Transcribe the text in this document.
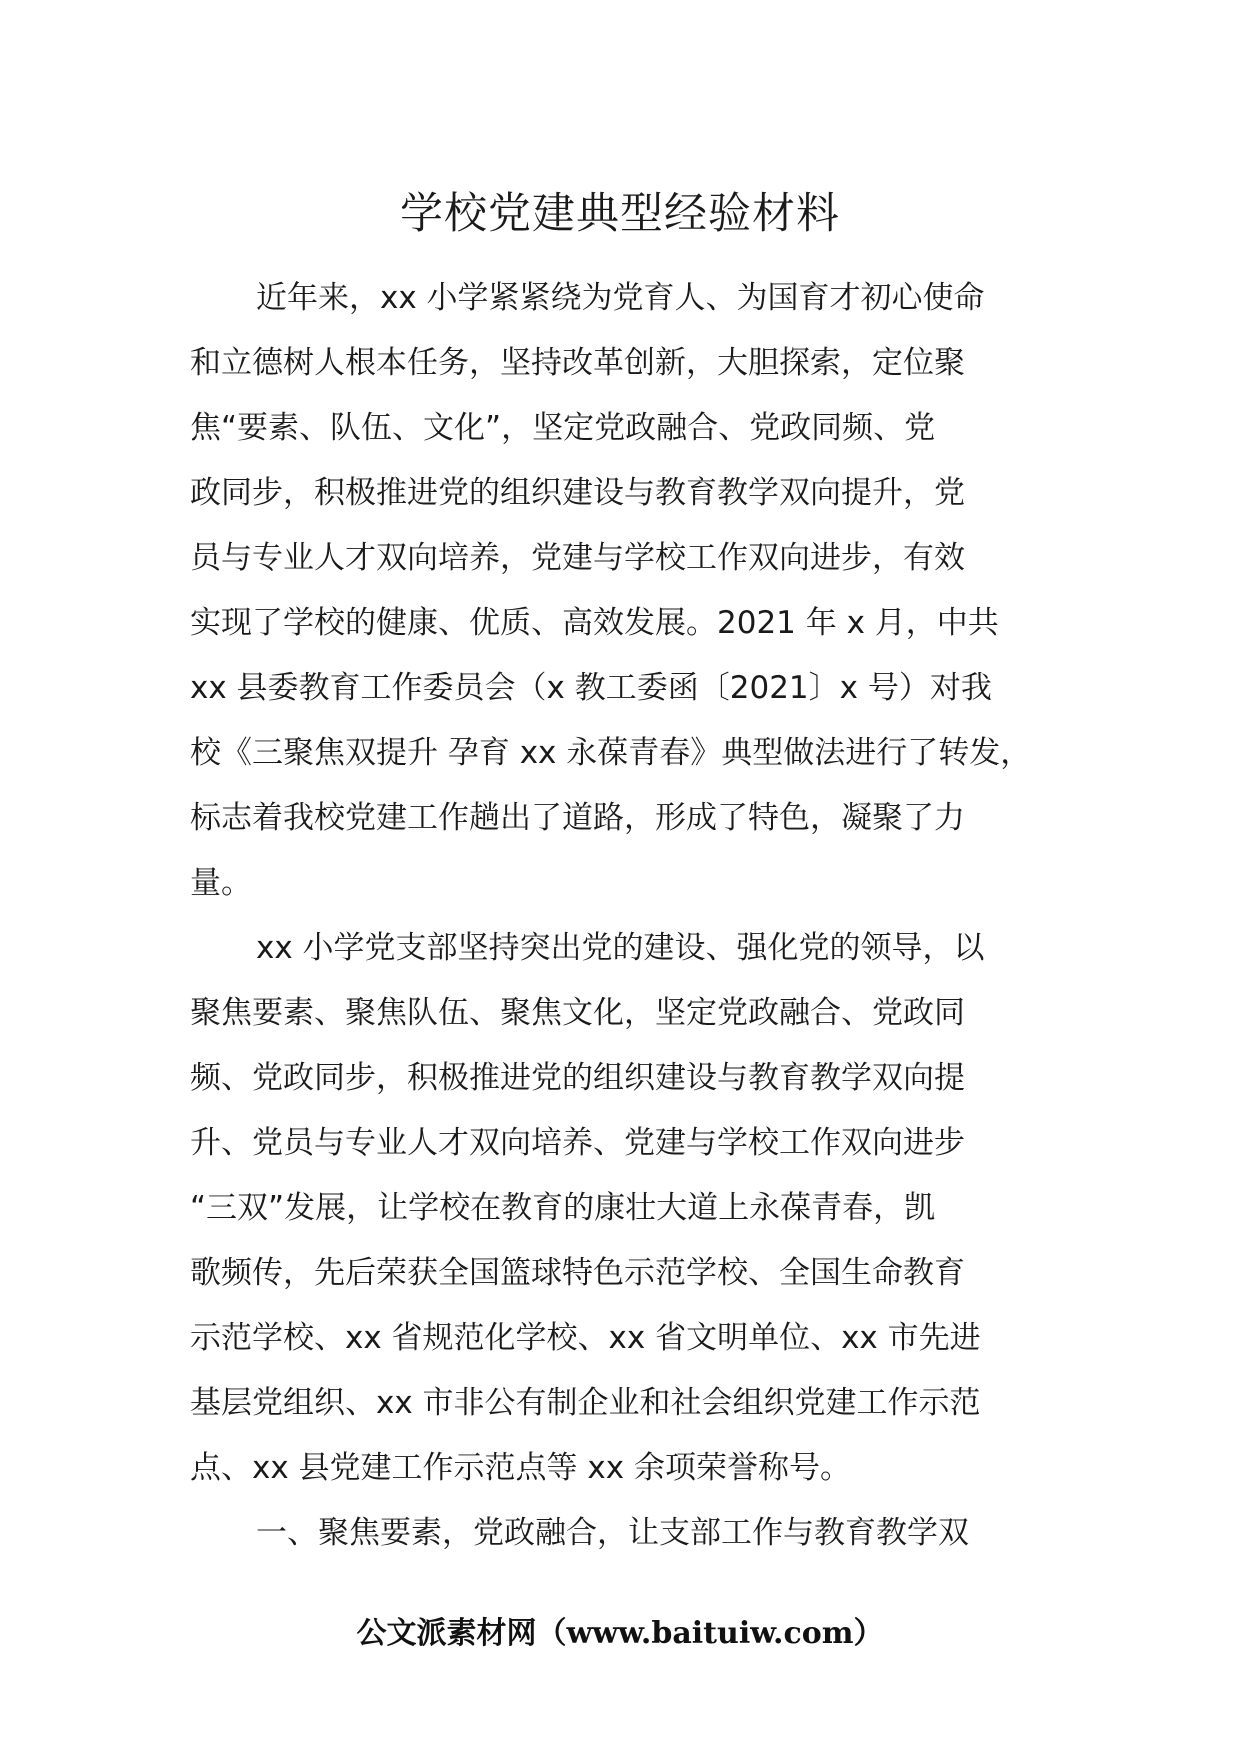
学校党建典型经验材料

近年来，xx 小学紧紧绕为党育人、为国育才初心使命
和立德树人根本任务，坚持改革创新，大胆探索，定位聚
焦“要素、队伍、文化”，坚定党政融合、党政同频、党
政同步，积极推进党的组织建设与教育教学双向提升，党
员与专业人才双向培养，党建与学校工作双向进步，有效
实现了学校的健康、优质、高效发展。2021 年 x 月，中共
xx 县委教育工作委员会（x 教工委函〔2021〕x 号）对我
校《三聚焦双提升 孕育 xx 永葆青春》典型做法进行了转发，
标志着我校党建工作趟出了道路，形成了特色，凝聚了力
量。

xx 小学党支部坚持突出党的建设、强化党的领导，以
聚焦要素、聚焦队伍、聚焦文化，坚定党政融合、党政同
频、党政同步，积极推进党的组织建设与教育教学双向提
升、党员与专业人才双向培养、党建与学校工作双向进步
“三双”发展，让学校在教育的康壮大道上永葆青春，凯
歌频传，先后荣获全国篮球特色示范学校、全国生命教育
示范学校、xx 省规范化学校、xx 省文明单位、xx 市先进
基层党组织、xx 市非公有制企业和社会组织党建工作示范
点、xx 县党建工作示范点等 xx 余项荣誉称号。

一、聚焦要素，党政融合，让支部工作与教育教学双

公文派素材网（www.baituiw.com）
